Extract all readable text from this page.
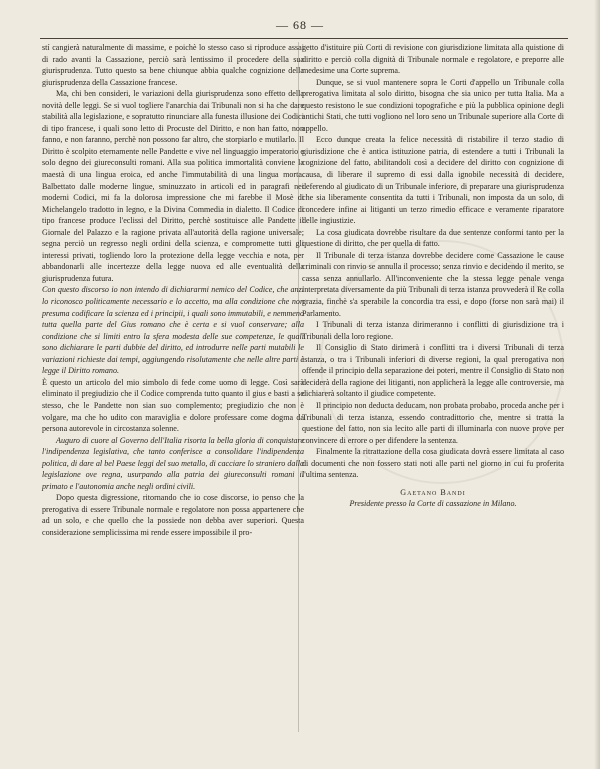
— 68 —

stí cangierà naturalmente di massime, e poichè lo stesso caso si riproduce assai di rado avanti la Cassazione, perciò sarà lentissimo il procedere della sua giurisprudenza. Tutto questo sa bene chiunque abbia qualche cognizione della giurisprudenza della Cassazione francese.

Ma, chi ben consideri, le variazioni della giurisprudenza sono effetto della novità delle leggi. Se si vuol togliere l'anarchia dai Tribunali non si ha che dare stabilità alla legislazione, e sopratutto rinunciare alla funesta illusione dei Codici di tipo francese, i quali sono letto di Procuste del Diritto, e non han fatto, non fanno, e non faranno, perchè non possono far altro, che storpiarlo e mutilarlo. Il Diritto è scolpito eternamente nelle Pandette e vive nel linguaggio imperatorio e solo degno dei giureconsulti romani. Alla sua politica immortalità conviene la maestà di una lingua eroica, ed anche l'immutabilità di una lingua morta. Balbettato dalle moderne lingue, sminuzzato in articoli ed in paragrafi nei moderni Codici, mi fa la dolorosa impressione che mi farebbe il Mosè di Michelangelo tradotto in legno, e la Divina Commedia in dialetto. Il Codice di tipo francese produce l'eclissi del Diritto, perchè sostituisce alle Pandette il Giornale del Palazzo e la ragione privata all'autorità della ragione universale; segna perciò un regresso negli ordini della scienza, e compromette tutti gli interessi privati, togliendo loro la protezione della legge vecchia e nota, per abbandonarli alle incertezze della legge nuova ed alle eventualità della giurisprudenza futura.

Con questo discorso io non intendo di dichiararmi nemico del Codice, che anzi lo riconosco politicamente necessario e lo accetto, ma alla condizione che non presuma codificare la scienza ed i principii, i quali sono immutabili, e nemmeno tutta quella parte del Gius romano che è certa e si vuol conservare; alla condizione che si limiti entro la sfera modesta delle sue competenze, le quali sono dichiarare le parti dubbie del diritto, ed introdurre nelle parti mutabili le variazioni richieste dai tempi, aggiungendo risolutamente che nelle altre parti è legge il Diritto romano.

È questo un articolo del mio simbolo di fede come uomo di legge. Così sarà eliminato il pregiudizio che il Codice comprenda tutto quanto il gius e basti a se stesso, che le Pandette non sian suo complemento; pregiudizio che non è volgare, ma che ho udito con maraviglia e dolore professare come dogma da persona autorevole in circostanza solenne.

Auguro di cuore al Governo dell'Italia risorta la bella gloria di conquistare l'indipendenza legislativa, che tanto conferisce a consolidare l'indipendenza politica, di dare al bel Paese leggi del suo metallo, di cacciare lo straniero dalla legislazione ove regna, usurpando alla patria dei giureconsulti romani il primato e l'autonomia anche negli ordini civili.

Dopo questa digressione, ritornando che io cose discorse, io penso che la prerogativa di essere Tribunale normale e regolatore non possa appartenere che ad un solo, e che quello che la possiede non debba aver superiori. Questa considerazione semplicissima mi rende essere impossibile il pro-

getto d'istituire più Corti di revisione con giurisdizione limitata alla quistione di diritto e perciò colla dignità di Tribunale normale e regolatore, e preporre alle medesime una Corte suprema.

Dunque, se si vuol mantenere sopra le Corti d'appello un Tribunale colla prerogativa limitata al solo diritto, bisogna che sia unico per tutta Italia. Ma a questo resistono le sue condizioni topografiche e più la pubblica opinione degli antichi Stati, che tutti vogliono nel loro seno un Tribunale superiore alla Corte di appello.

Ecco dunque creata la felice necessità di ristabilire il terzo stadio di giurisdizione che è antica istituzione patria, di estendere a tutti i Tribunali la cognizione del fatto, abilitandoli così a decidere del diritto con cognizione di causa, di liberare il supremo di essi dalla ignobile necessità di decidere, deferendo al giudicato di un Tribunale inferiore, di preparare una giurisprudenza che sia liberamente consentita da tutti i Tribunali, non imposta da un solo, di concedere infine ai litiganti un terzo rimedio efficace e veramente riparatore delle ingiustizie.

La cosa giudicata dovrebbe risultare da due sentenze conformi tanto per la questione di diritto, che per quella di fatto.

Il Tribunale di terza istanza dovrebbe decidere come Cassazione le cause criminali con rinvio se annulla il processo; senza rinvio e decidendo il merito, se cassa senza annullarlo. All'inconveniente che la stessa legge penale venga interpretata diversamente da più Tribunali di terza istanza provvederà il Re colla grazia, finchè s'a sperabile la concordia tra essi, e dopo (forse non sarà mai) il Parlamento.

I Tribunali di terza istanza dirimeranno i conflitti di giurisdizione tra i Tribunali della loro regione.

Il Consiglio di Stato dirimerà i conflitti tra i diversi Tribunali di terza istanza, o tra i Tribunali inferiori di diverse regioni, la qual prerogativa non offende il principio della separazione dei poteri, mentre il Consiglio di Stato non deciderà della ragione dei litiganti, non applicherà la legge alle controversie, ma dichiarerà soltanto il giudice competente.

Il principio non deducta deducam, non probata probabo, proceda anche per i Tribunali di terza istanza, essendo contradittorio che, mentre si tratta la questione del fatto, non sia lecito alle parti di illuminarla con nuove prove per convincere di errore o per difendere la sentenza.

Finalmente la ritrattazione della cosa giudicata dovrà essere limitata al caso di documenti che non fossero stati noti alle parti nel giorno in cui fu proferita l'ultima sentenza.

Gaetano Bandi

Presidente presso la Corte di cassazione in Milano.
